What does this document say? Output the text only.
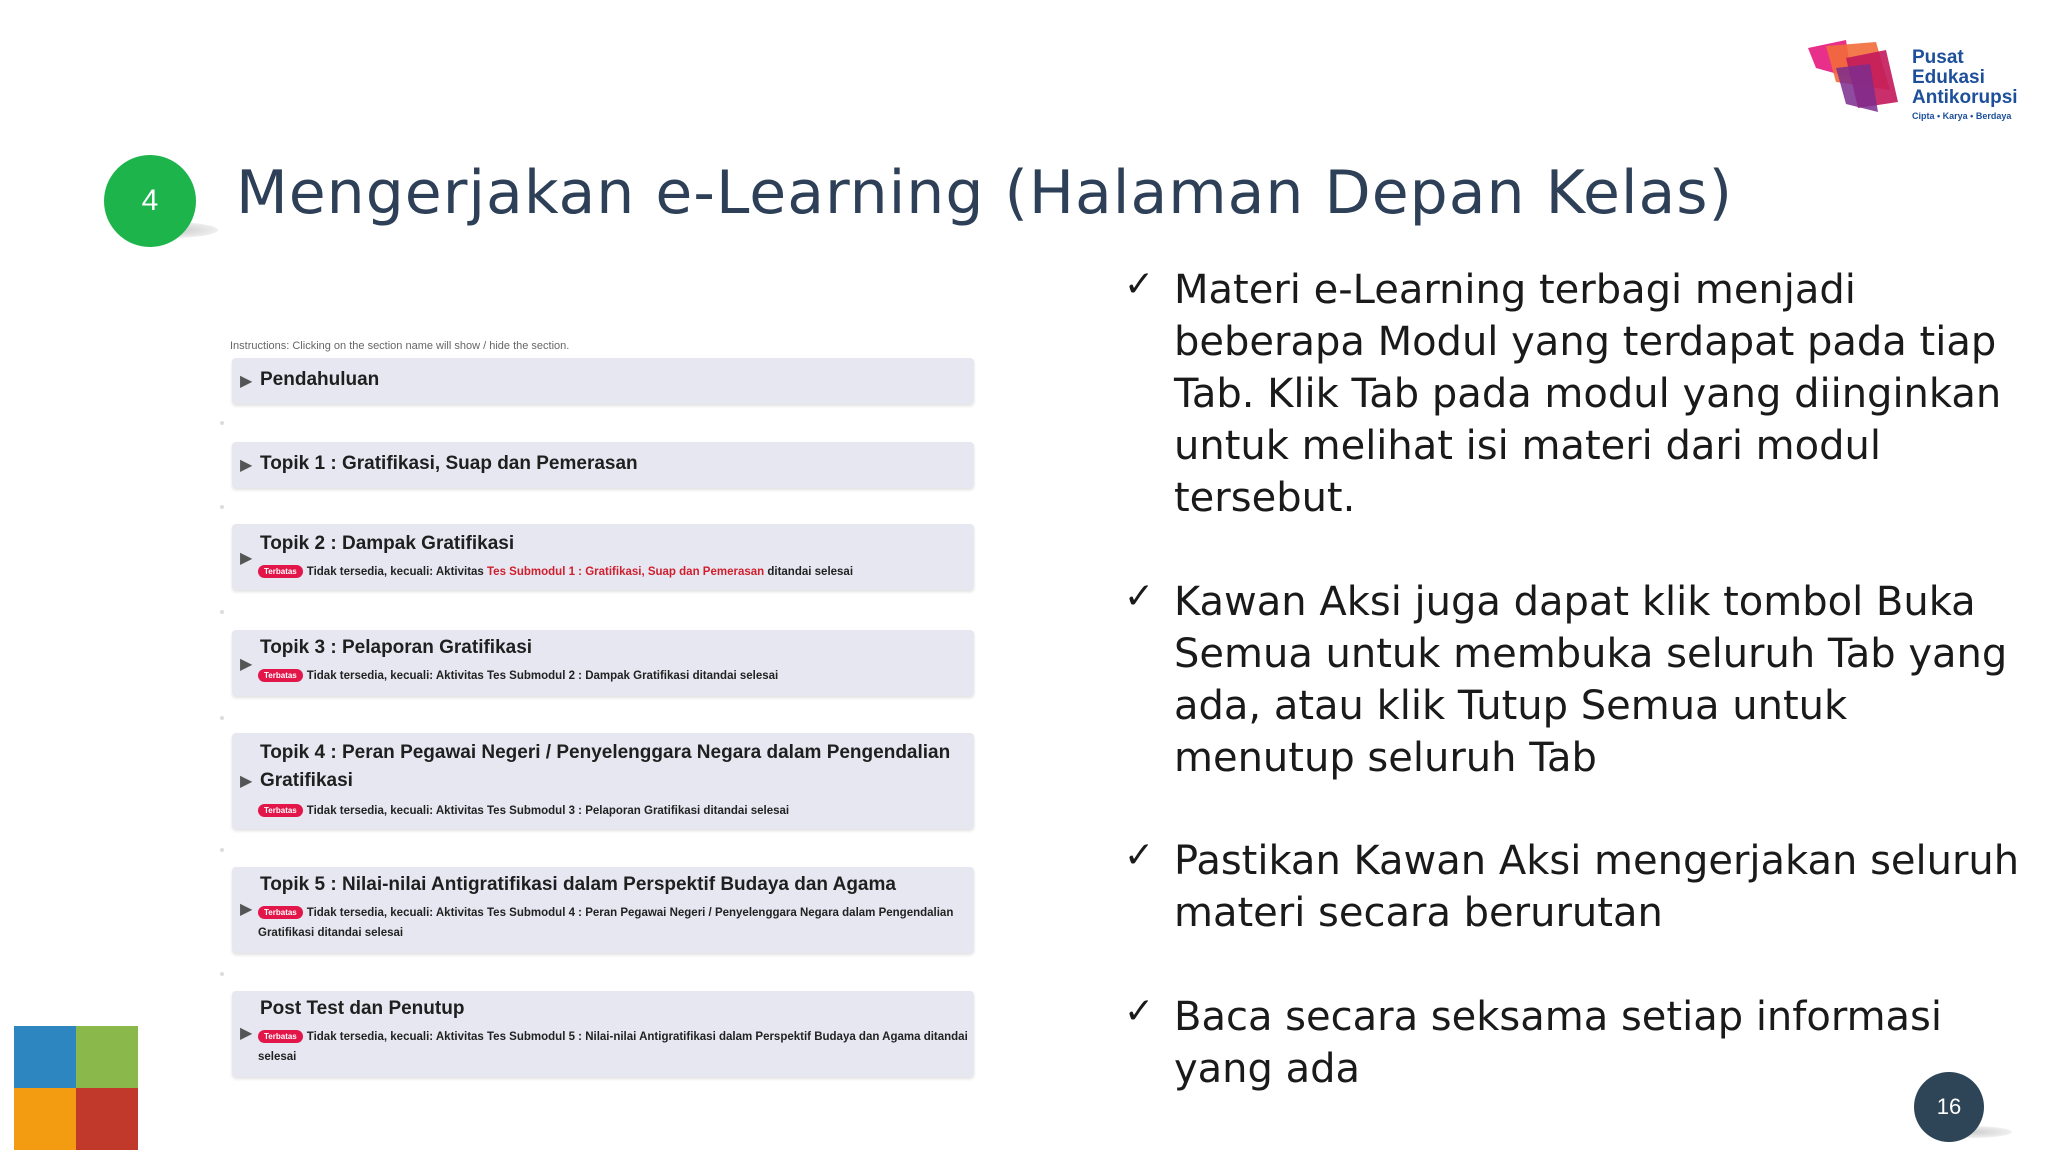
Pusat
Edukasi
Antikorupsi
Cipta • Karya • Berdaya
4	Mengerjakan e-Learning (Halaman Depan Kelas)
Instructions: Clicking on the section name will show / hide the section.
▶ Pendahuluan
▶ Topik 1 : Gratifikasi, Suap dan Pemerasan
▶
Topik 2 : Dampak Gratifikasi
Terbatas Tidak tersedia, kecuali: Aktivitas Tes Submodul 1 : Gratifikasi, Suap dan Pemerasan ditandai selesai
▶
Topik 3 : Pelaporan Gratifikasi
Terbatas Tidak tersedia, kecuali: Aktivitas Tes Submodul 2 : Dampak Gratifikasi ditandai selesai
▶
Topik 4 : Peran Pegawai Negeri / Penyelenggara Negara dalam Pengendalian Gratifikasi
Terbatas Tidak tersedia, kecuali: Aktivitas Tes Submodul 3 : Pelaporan Gratifikasi ditandai selesai
▶
Topik 5 : Nilai-nilai Antigratifikasi dalam Perspektif Budaya dan Agama
Terbatas Tidak tersedia, kecuali: Aktivitas Tes Submodul 4 : Peran Pegawai Negeri / Penyelenggara Negara dalam Pengendalian Gratifikasi ditandai selesai
▶
Post Test dan Penutup
Terbatas Tidak tersedia, kecuali: Aktivitas Tes Submodul 5 : Nilai-nilai Antigratifikasi dalam Perspektif Budaya dan Agama ditandai selesai
✓ Materi e-Learning terbagi menjadi beberapa Modul yang terdapat pada tiap Tab. Klik Tab pada modul yang diinginkan untuk melihat isi materi dari modul tersebut.
✓ Kawan Aksi juga dapat klik tombol Buka Semua untuk membuka seluruh Tab yang ada, atau klik Tutup Semua untuk menutup seluruh Tab
✓ Pastikan Kawan Aksi mengerjakan seluruh materi secara berurutan
✓ Baca secara seksama setiap informasi yang ada
16
